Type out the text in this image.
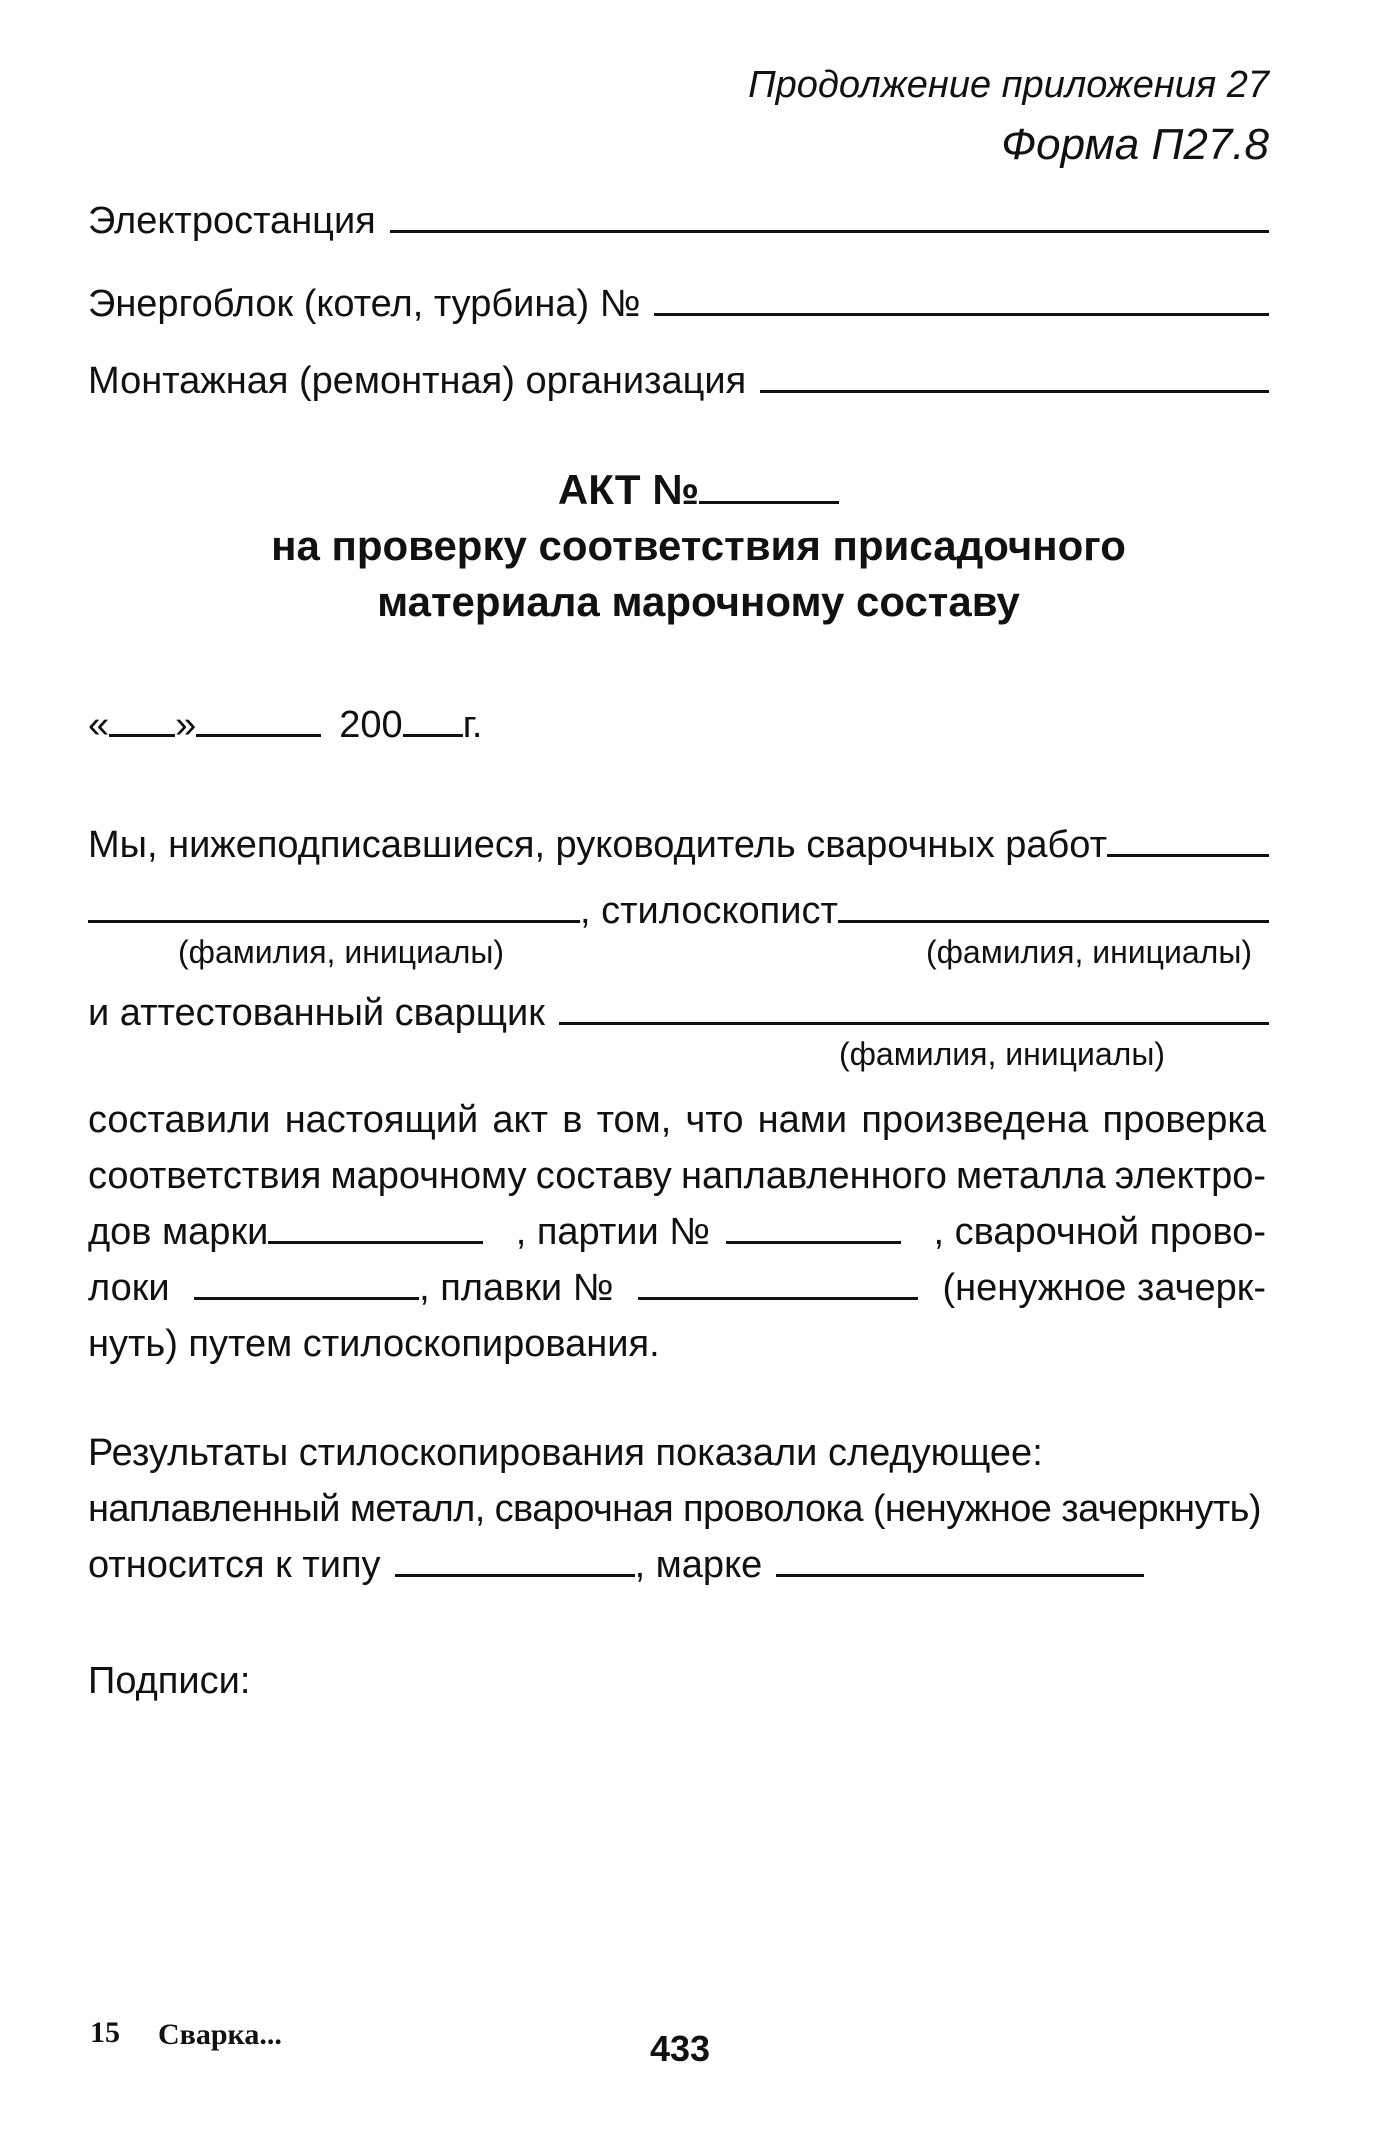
Продолжение приложения 27
Форма П27.8
Электростанция
Энергоблок (котел, турбина) №
Монтажная (ремонтная) организация
АКТ №
на проверку соответствия присадочного
материала марочному составу
« »	200 г.
Мы, нижеподписавшиеся, руководитель сварочных работ
, стилоскопист
(фамилия, инициалы)	(фамилия, инициалы)
и аттестованный сварщик
(фамилия, инициалы)
составили настоящий акт в том, что нами произведена проверка
соответствия марочному составу наплавленного металла электро-
дов марки	, партии №	, сварочной прово-
локи	, плавки №	(ненужное зачерк-
нуть) путем стилоскопирования.
Результаты стилоскопирования показали следующее:
наплавленный металл, сварочная проволока (ненужное зачеркнуть)
относится к типу	, марке
Подписи:
15 Сварка...	433
